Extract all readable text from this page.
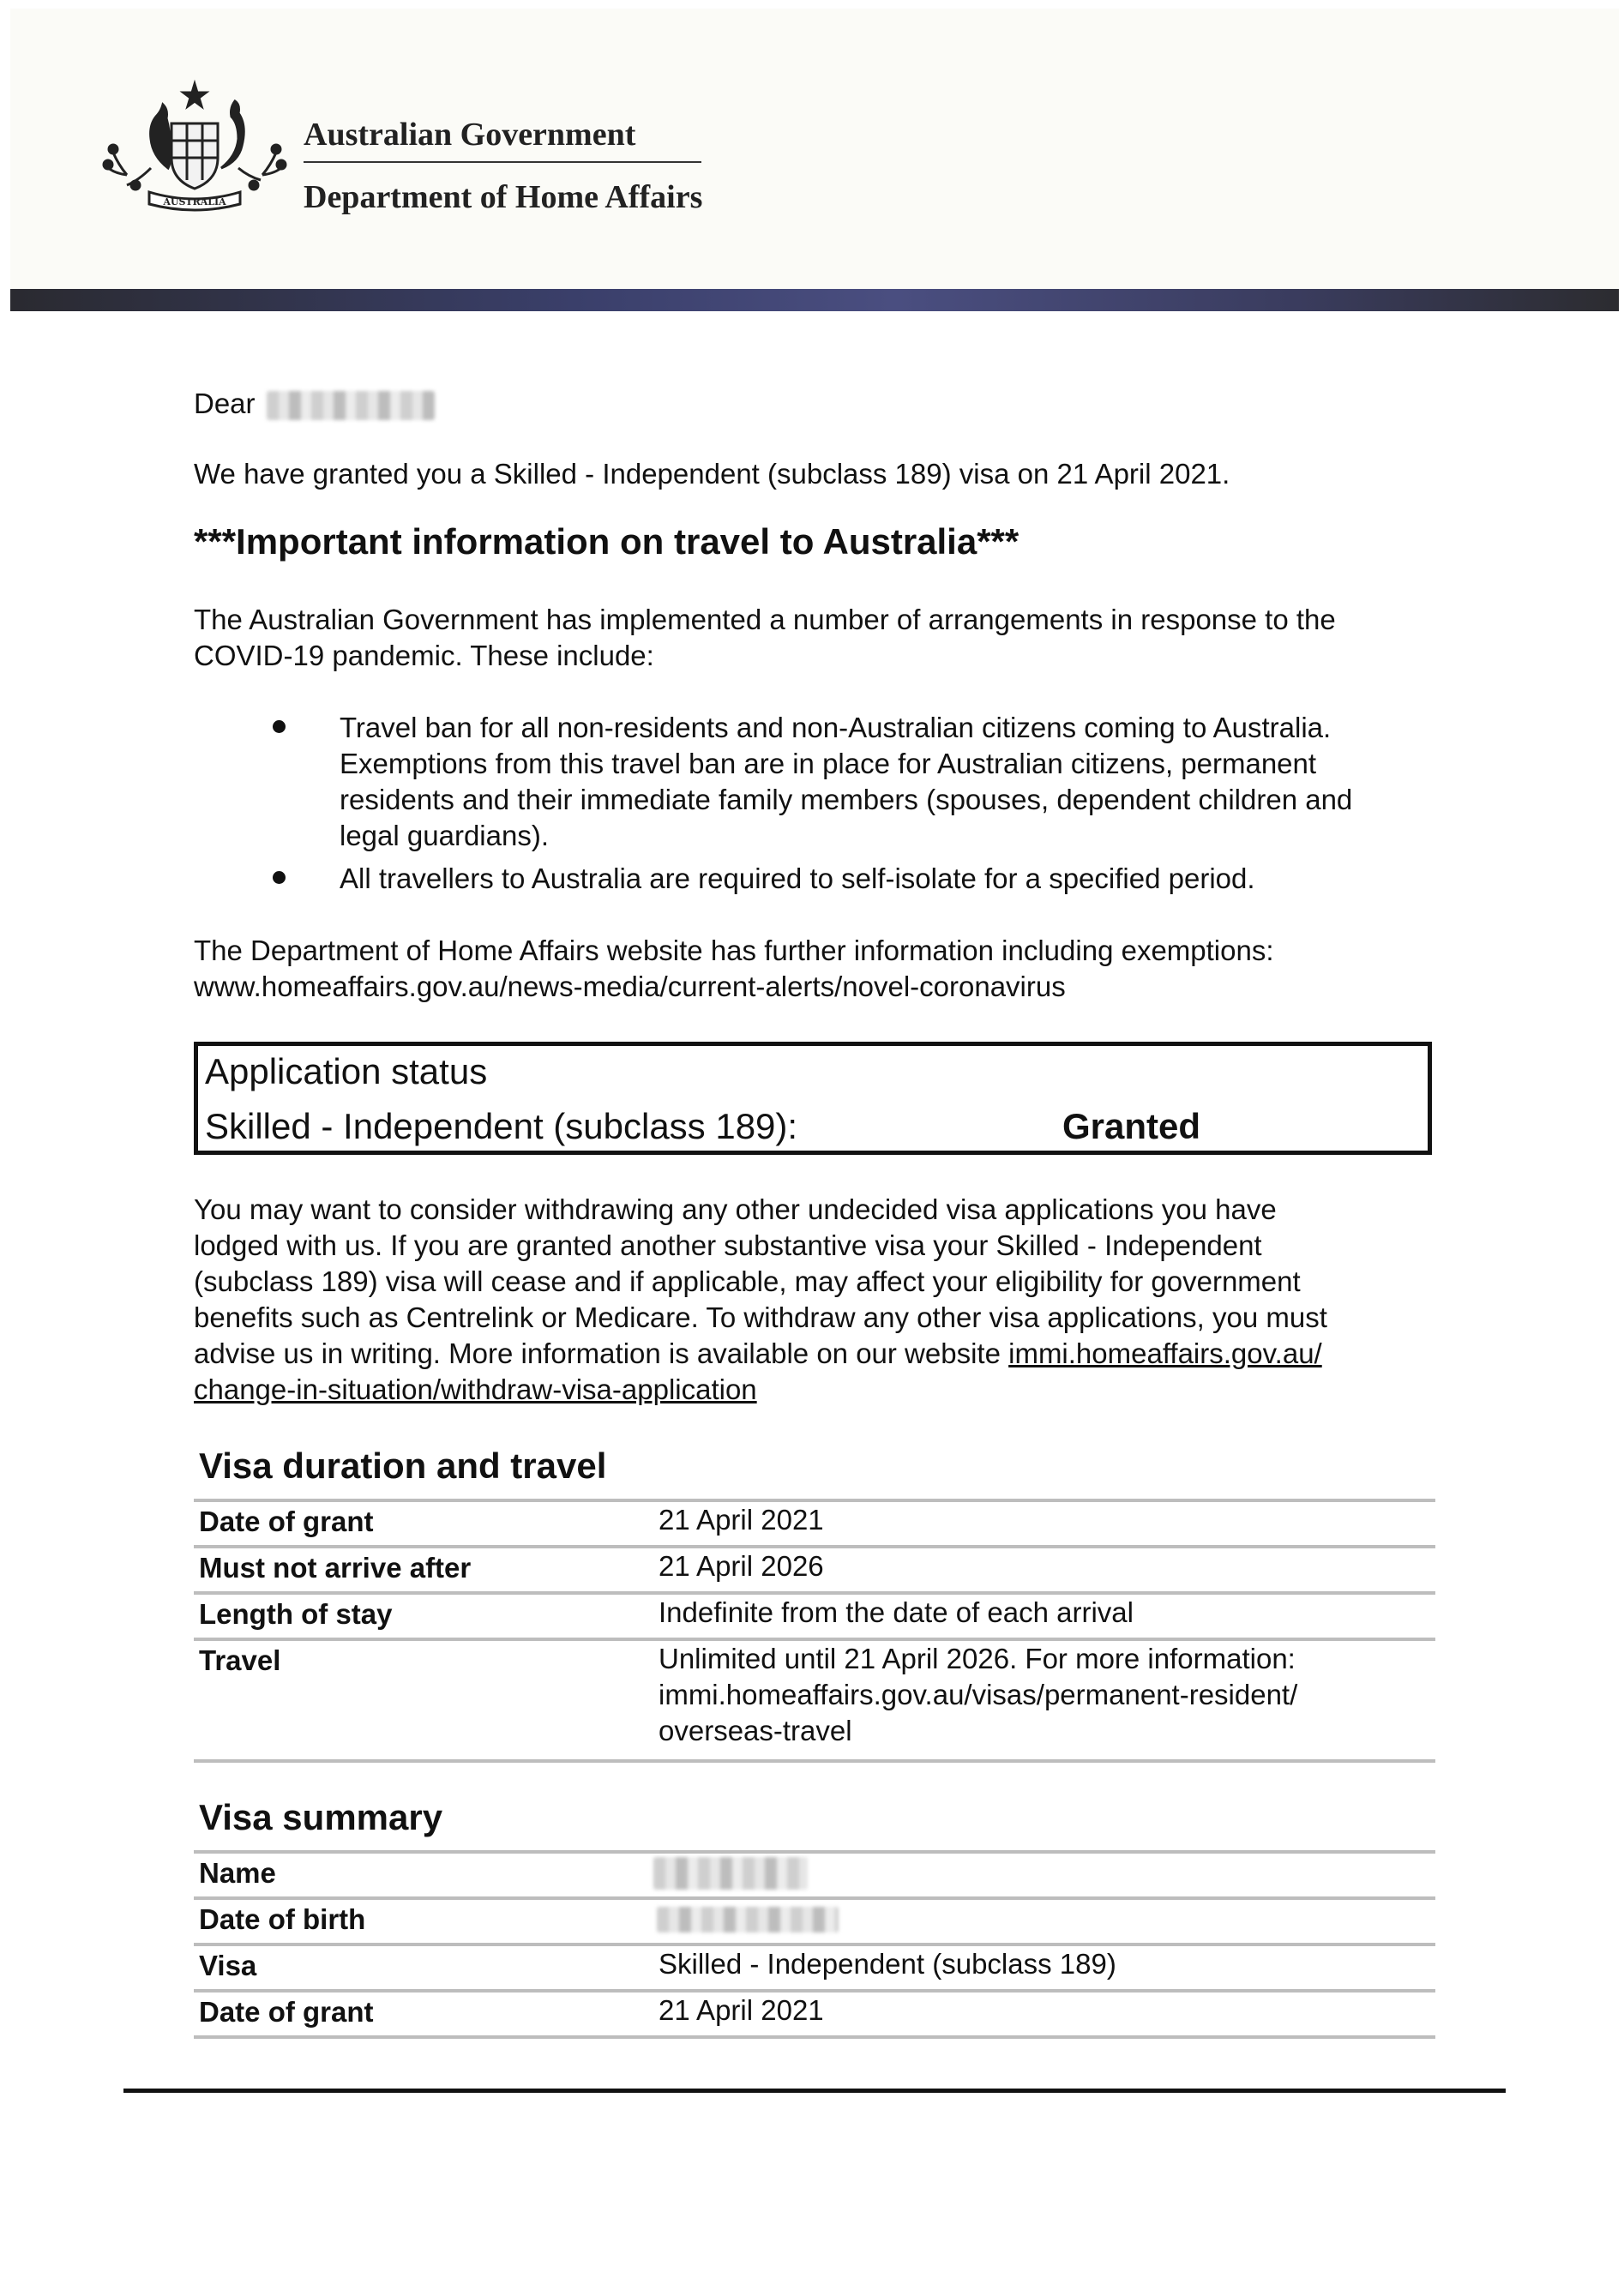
AUSTRALIA
Australian Government
Department of Home Affairs
Dear
We have granted you a Skilled - Independent (subclass 189) visa on 21 April 2021.
***Important information on travel to Australia***
The Australian Government has implemented a number of arrangements in response to the
COVID-19 pandemic. These include:
Travel ban for all non-residents and non-Australian citizens coming to Australia.
Exemptions from this travel ban are in place for Australian citizens, permanent
residents and their immediate family members (spouses, dependent children and
legal guardians).
All travellers to Australia are required to self-isolate for a specified period.
The Department of Home Affairs website has further information including exemptions:
www.homeaffairs.gov.au/news-media/current-alerts/novel-coronavirus
Application status
Skilled - Independent (subclass 189):	Granted
You may want to consider withdrawing any other undecided visa applications you have
lodged with us. If you are granted another substantive visa your Skilled - Independent
(subclass 189) visa will cease and if applicable, may affect your eligibility for government
benefits such as Centrelink or Medicare. To withdraw any other visa applications, you must
advise us in writing. More information is available on our website immi.homeaffairs.gov.au/
change-in-situation/withdraw-visa-application
Visa duration and travel
Date of grant	21 April 2021
Must not arrive after	21 April 2026
Length of stay	Indefinite from the date of each arrival
Travel	Unlimited until 21 April 2026. For more information:
immi.homeaffairs.gov.au/visas/permanent-resident/
overseas-travel
Visa summary
Name
Date of birth
Visa	Skilled - Independent (subclass 189)
Date of grant	21 April 2021
